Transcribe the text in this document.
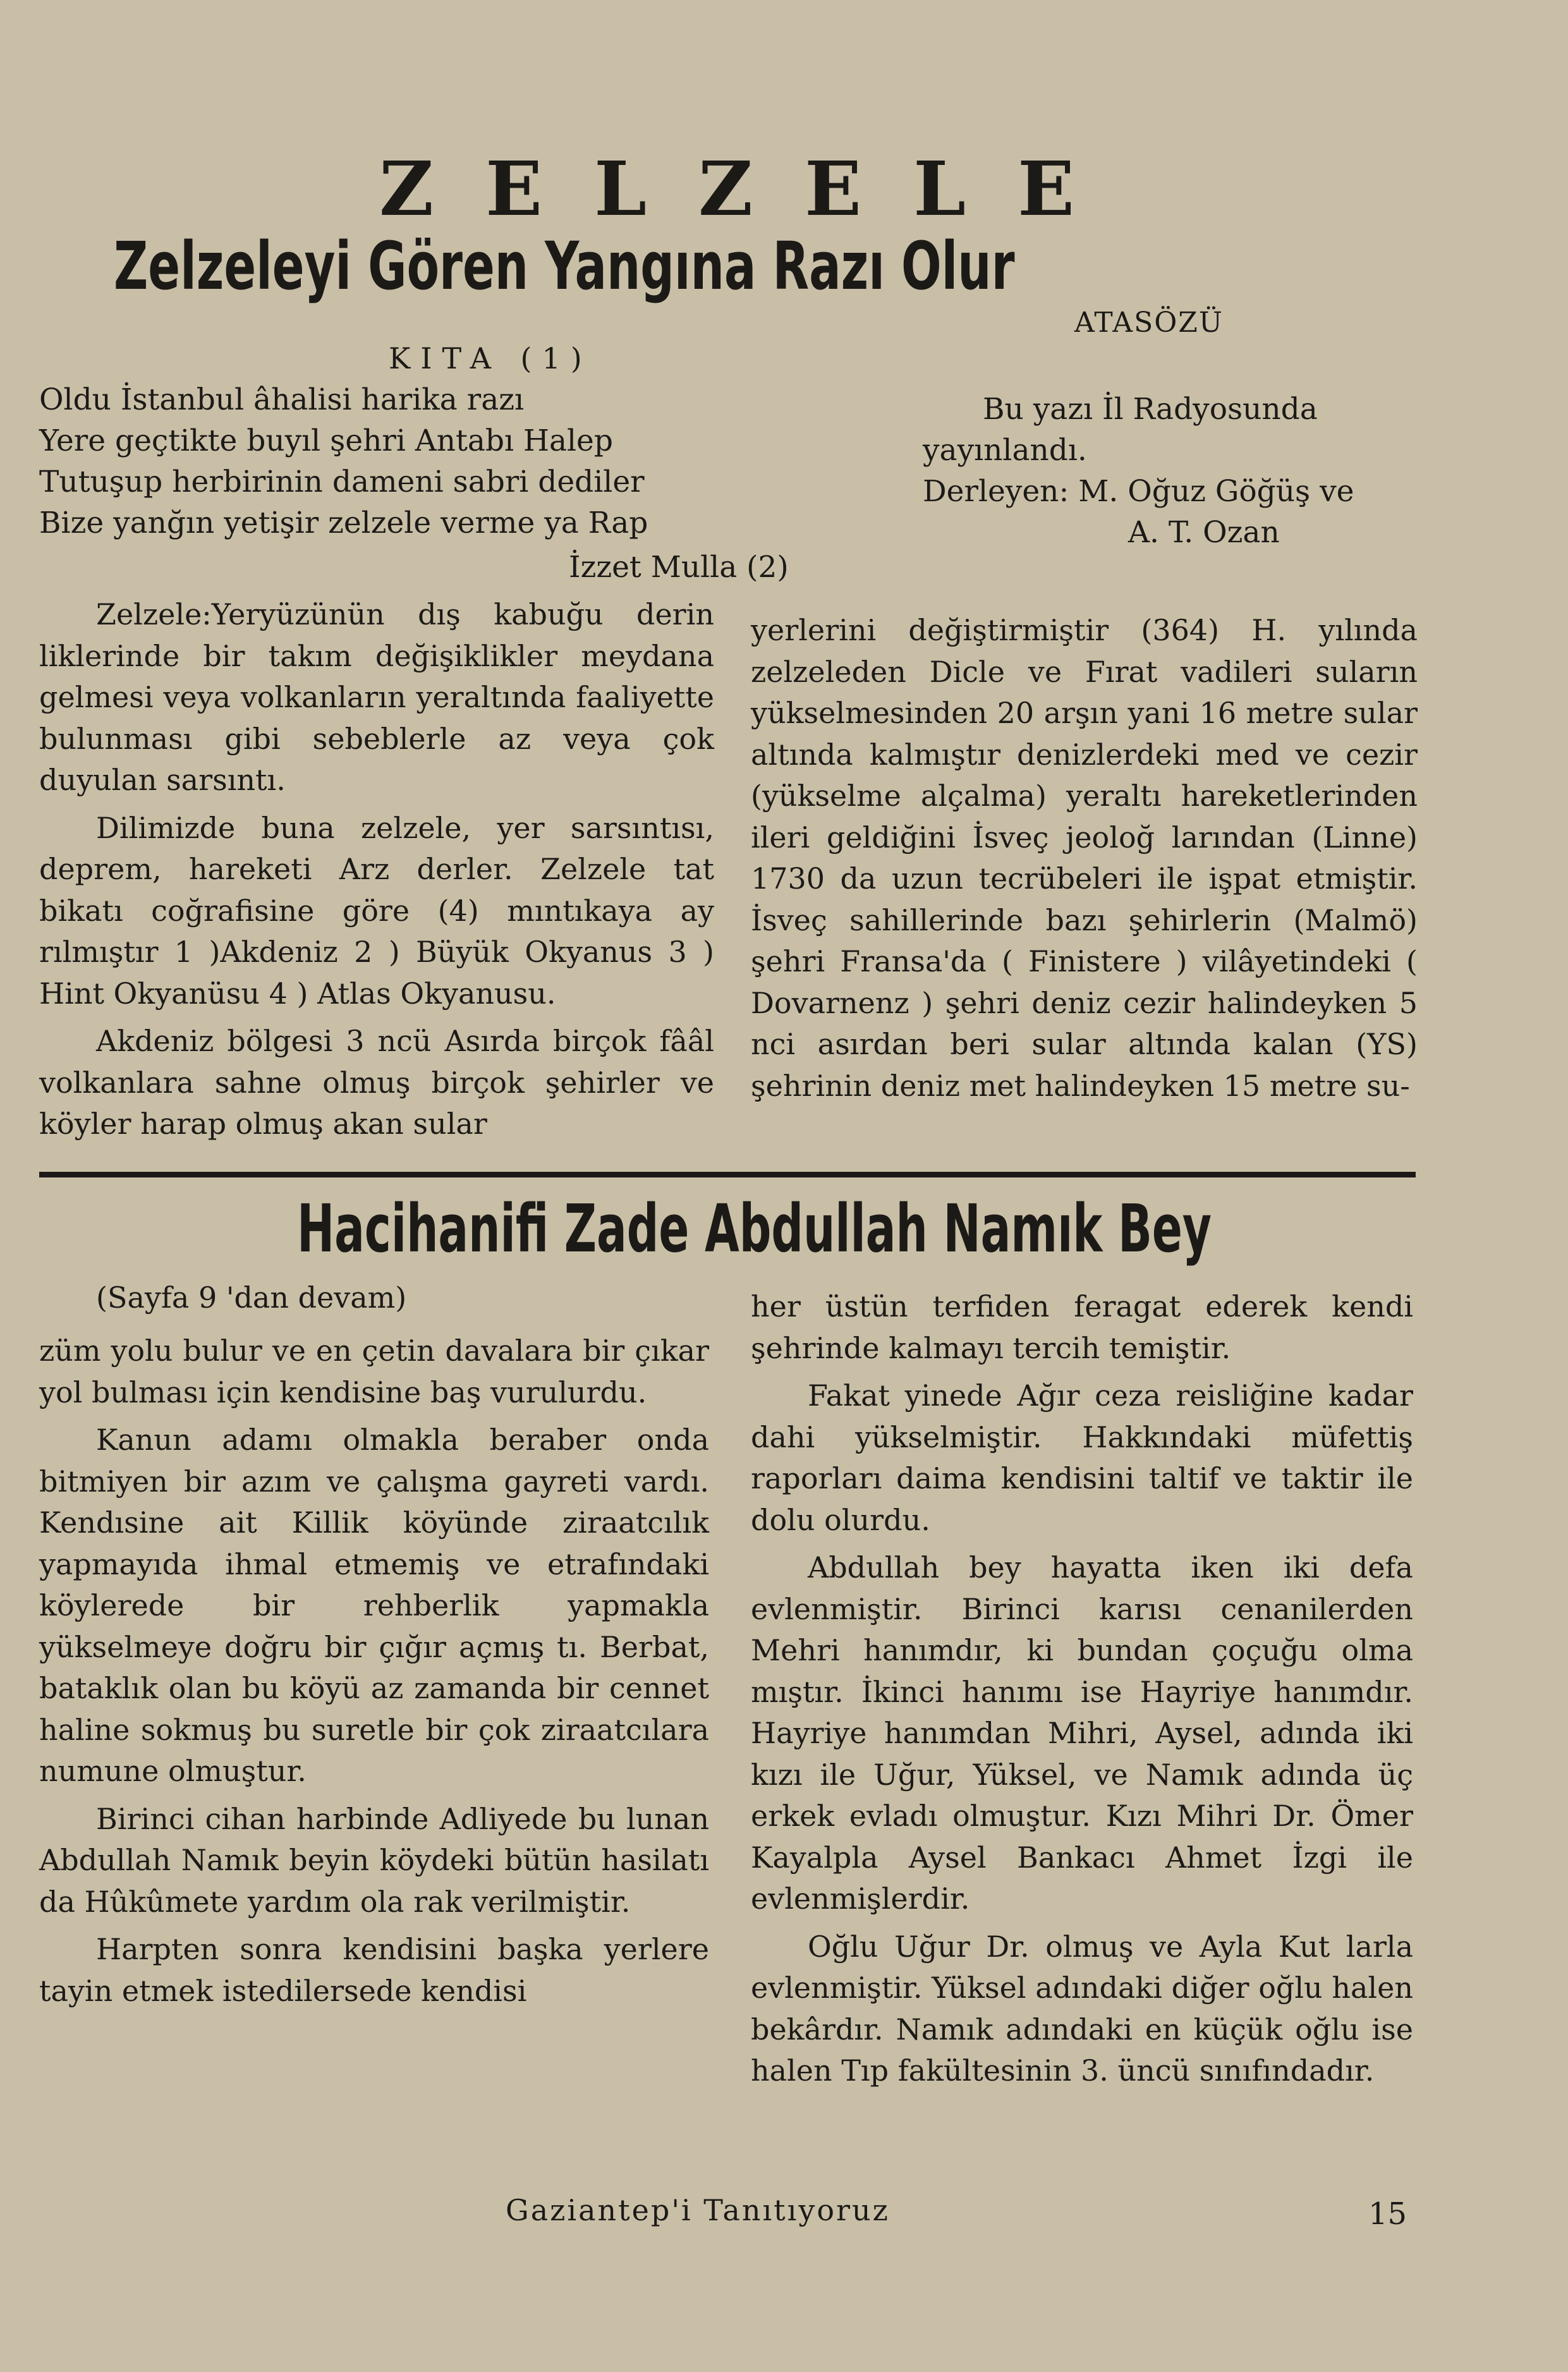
ZELZELE
Zelzeleyi Gören Yangına Razı Olur
ATASÖZÜ
KITA (1)
Oldu İstanbul âhalisi harika razı
Yere geçtikte buyıl şehri Antabı Halep
Tutuşup herbirinin dameni sabri dediler
Bize yanğın yetişir zelzele verme ya Rap
İzzet Mulla (2)
Bu yazı İl Radyosunda
yayınlandı.
Derleyen: M. Oğuz Göğüş ve
A. T. Ozan

Zelzele:Yeryüzünün dış kabuğu derin liklerinde bir takım değişiklikler meydana gelmesi veya volkanların yeraltında faaliyette bulunması gibi sebeblerle az veya çok duyulan sarsıntı.

Dilimizde buna zelzele, yer sarsıntısı, deprem, hareketi Arz derler. Zelzele tat bikatı coğrafisine göre (4) mıntıkaya ay rılmıştır 1 )Akdeniz 2 ) Büyük Okyanus 3 ) Hint Okyanüsu 4 ) Atlas Okyanusu.

Akdeniz bölgesi 3 ncü Asırda birçok fââl volkanlara sahne olmuş birçok şehirler ve köyler harap olmuş akan sular

yerlerini değiştirmiştir (364) H. yılında zelzeleden Dicle ve Fırat vadileri suların yükselmesinden 20 arşın yani 16 metre sular altında kalmıştır denizlerdeki med ve cezir (yükselme alçalma) yeraltı hareketlerinden ileri geldiğini İsveç jeoloğ larından (Linne) 1730 da uzun tecrübeleri ile işpat etmiştir. İsveç sahillerinde bazı şehirlerin (Malmö) şehri Fransa'da ( Finistere ) vilâyetindeki ( Dovarnenz ) şehri deniz cezir halindeyken 5 nci asırdan beri sular altında kalan (YS) şehrinin deniz met halindeyken 15 metre su-

Hacihanifi Zade Abdullah Namık Bey
(Sayfa 9 'dan devam)

züm yolu bulur ve en çetin davalara bir çıkar yol bulması için kendisine baş vurulurdu.

Kanun adamı olmakla beraber onda bitmiyen bir azım ve çalışma gayreti vardı. Kendısine ait Killik köyünde ziraatcılık yapmayıda ihmal etmemiş ve etrafındaki köylerede bir rehberlik yapmakla yükselmeye doğru bir çığır açmış tı. Berbat, bataklık olan bu köyü az zamanda bir cennet haline sokmuş bu suretle bir çok ziraatcılara numune olmuştur.

Birinci cihan harbinde Adliyede bu lunan Abdullah Namık beyin köydeki bütün hasilatı da Hûkûmete yardım ola rak verilmiştir.

Harpten sonra kendisini başka yerlere tayin etmek istedilersede kendisi

her üstün terfiden feragat ederek kendi şehrinde kalmayı tercih temiştir.

Fakat yinede Ağır ceza reisliğine kadar dahi yükselmiştir. Hakkındaki müfettiş raporları daima kendisini taltif ve taktir ile dolu olurdu.

Abdullah bey hayatta iken iki defa evlenmiştir. Birinci karısı cenanilerden Mehri hanımdır, ki bundan çoçuğu olma mıştır. İkinci hanımı ise Hayriye hanımdır. Hayriye hanımdan Mihri, Aysel, adında iki kızı ile Uğur, Yüksel, ve Namık adında üç erkek evladı olmuştur. Kızı Mihri Dr. Ömer Kayalpla Aysel Bankacı Ahmet İzgi ile evlenmişlerdir.

Oğlu Uğur Dr. olmuş ve Ayla Kut larla evlenmiştir. Yüksel adındaki diğer oğlu halen bekârdır. Namık adındaki en küçük oğlu ise halen Tıp fakültesinin 3. üncü sınıfındadır.

Gaziantep'i Tanıtıyoruz	15
